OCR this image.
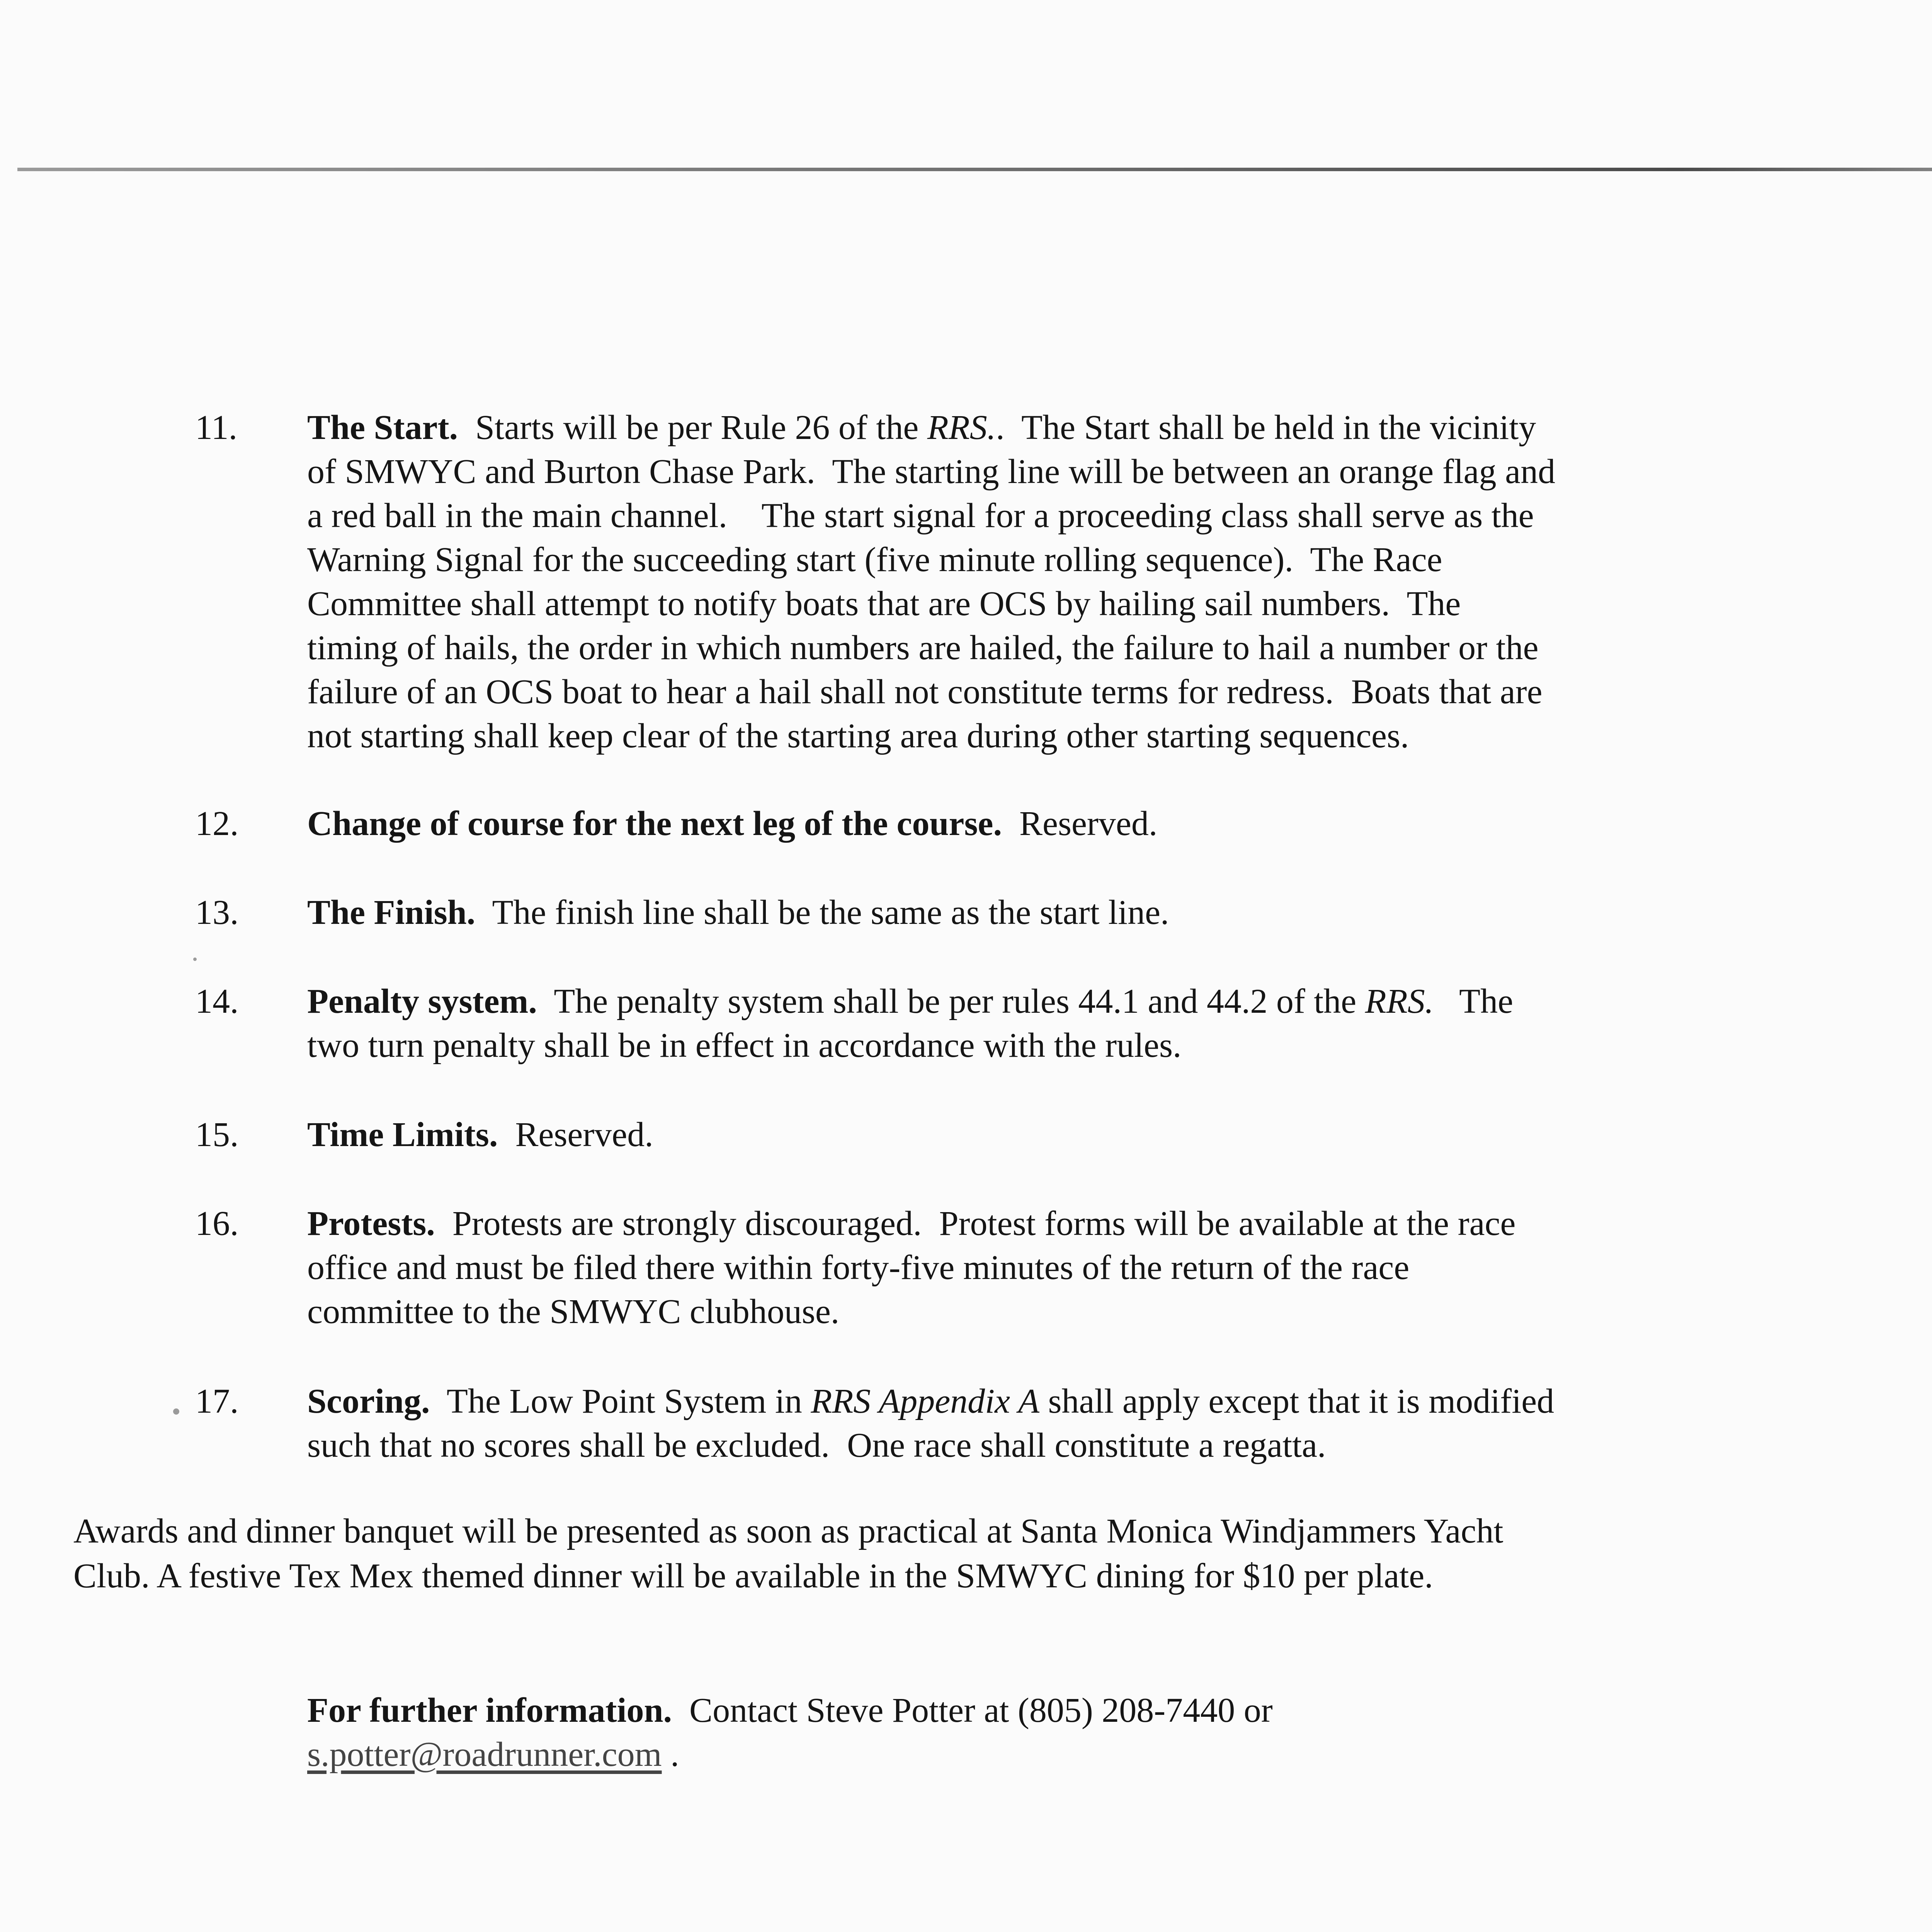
11. The Start.  Starts will be per Rule 26 of the RRS..  The Start shall be held in the vicinity
of SMWYC and Burton Chase Park.  The starting line will be between an orange flag and
a red ball in the main channel.    The start signal for a proceeding class shall serve as the
Warning Signal for the succeeding start (five minute rolling sequence).  The Race
Committee shall attempt to notify boats that are OCS by hailing sail numbers.  The
timing of hails, the order in which numbers are hailed, the failure to hail a number or the
failure of an OCS boat to hear a hail shall not constitute terms for redress.  Boats that are
not starting shall keep clear of the starting area during other starting sequences.
12. Change of course for the next leg of the course.  Reserved.
13. The Finish.  The finish line shall be the same as the start line.
14. Penalty system.  The penalty system shall be per rules 44.1 and 44.2 of the RRS.   The
two turn penalty shall be in effect in accordance with the rules.
15. Time Limits.  Reserved.
16. Protests.  Protests are strongly discouraged.  Protest forms will be available at the race
office and must be filed there within forty-five minutes of the return of the race
committee to the SMWYC clubhouse.
17. Scoring.  The Low Point System in RRS Appendix A shall apply except that it is modified
such that no scores shall be excluded.  One race shall constitute a regatta.
Awards and dinner banquet will be presented as soon as practical at Santa Monica Windjammers Yacht
Club. A festive Tex Mex themed dinner will be available in the SMWYC dining for $10 per plate.
For further information.  Contact Steve Potter at (805) 208-7440 or
s.potter@roadrunner.com .
